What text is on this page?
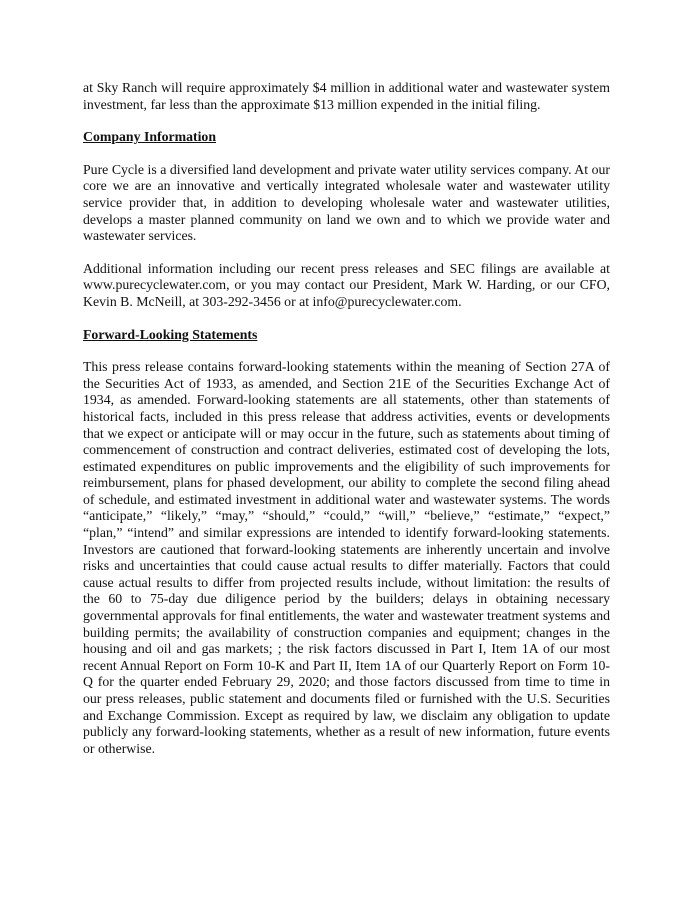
at Sky Ranch will require approximately $4 million in additional water and wastewater system investment, far less than the approximate $13 million expended in the initial filing.

Company Information

Pure Cycle is a diversified land development and private water utility services company. At our core we are an innovative and vertically integrated wholesale water and wastewater utility service provider that, in addition to developing wholesale water and wastewater utilities, develops a master planned community on land we own and to which we provide water and wastewater services.

Additional information including our recent press releases and SEC filings are available at www.purecyclewater.com, or you may contact our President, Mark W. Harding, or our CFO, Kevin B. McNeill, at 303-292-3456 or at info@purecyclewater.com.

Forward-Looking Statements

This press release contains forward-looking statements within the meaning of Section 27A of the Securities Act of 1933, as amended, and Section 21E of the Securities Exchange Act of 1934, as amended. Forward-looking statements are all statements, other than statements of historical facts, included in this press release that address activities, events or developments that we expect or anticipate will or may occur in the future, such as statements about timing of commencement of construction and contract deliveries, estimated cost of developing the lots, estimated expenditures on public improvements and the eligibility of such improvements for reimbursement, plans for phased development, our ability to complete the second filing ahead of schedule, and estimated investment in additional water and wastewater systems. The words “anticipate,” “likely,” “may,” “should,” “could,” “will,” “believe,” “estimate,” “expect,” “plan,” “intend” and similar expressions are intended to identify forward-looking statements. Investors are cautioned that forward-looking statements are inherently uncertain and involve risks and uncertainties that could cause actual results to differ materially. Factors that could cause actual results to differ from projected results include, without limitation: the results of the 60 to 75-day due diligence period by the builders; delays in obtaining necessary governmental approvals for final entitlements, the water and wastewater treatment systems and building permits; the availability of construction companies and equipment; changes in the housing and oil and gas markets; ; the risk factors discussed in Part I, Item 1A of our most recent Annual Report on Form 10-K and Part II, Item 1A of our Quarterly Report on Form 10-Q for the quarter ended February 29, 2020; and those factors discussed from time to time in our press releases, public statement and documents filed or furnished with the U.S. Securities and Exchange Commission. Except as required by law, we disclaim any obligation to update publicly any forward-looking statements, whether as a result of new information, future events or otherwise.
